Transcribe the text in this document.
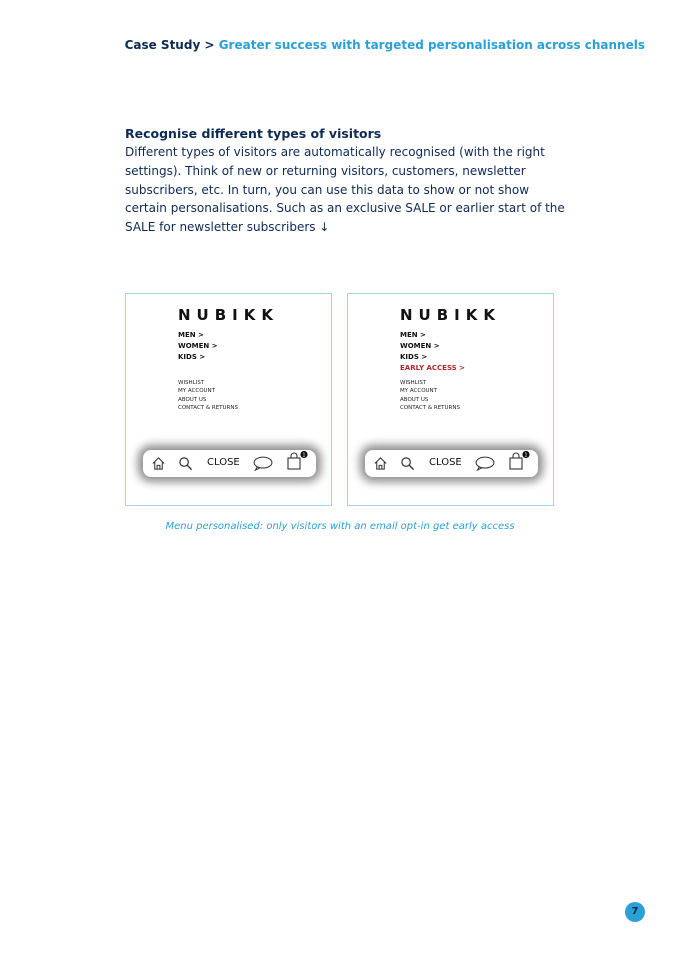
Case Study > Greater success with targeted personalisation across channels
Recognise different types of visitors

Different types of visitors are automatically recognised (with the right settings). Think of new or returning visitors, customers, newsletter subscribers, etc. In turn, you can use this data to show or not show certain personalisations. Such as an exclusive SALE or earlier start of the SALE for newsletter subscribers ↓

NUBIKK
MEN >
WOMEN >
KIDS >
WISHLIST
MY ACCOUNT
ABOUT US
CONTACT & RETURNS
CLOSE
1
NUBIKK
MEN >
WOMEN >
KIDS >
EARLY ACCESS >
WISHLIST
MY ACCOUNT
ABOUT US
CONTACT & RETURNS
CLOSE
1
Menu personalised: only visitors with an email opt-in get early access
7
